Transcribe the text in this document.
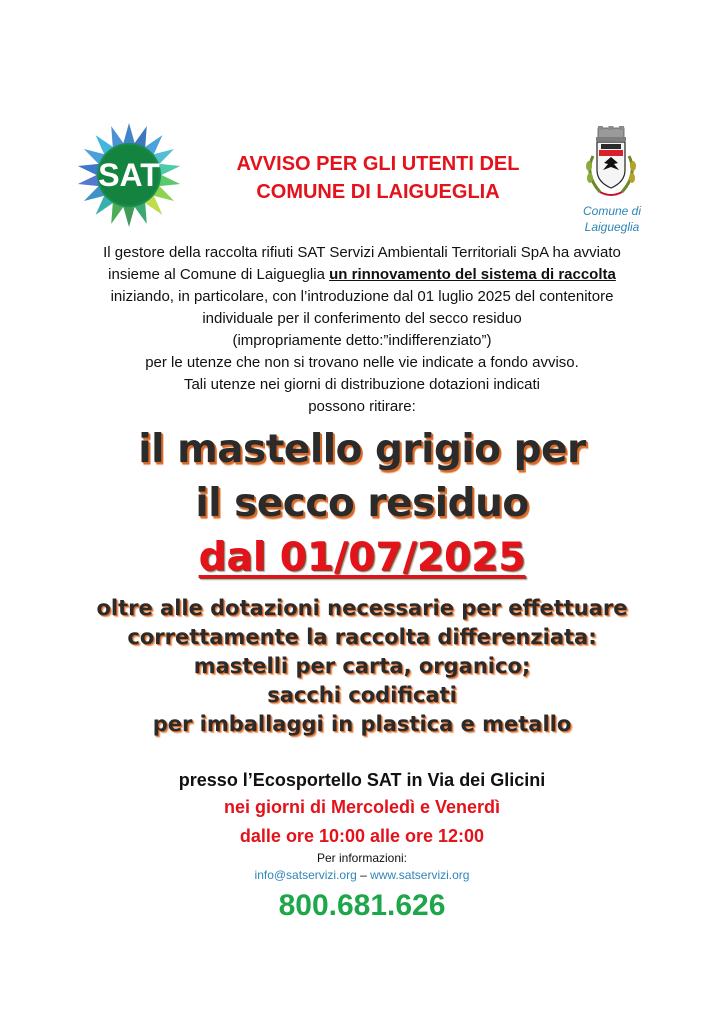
SAT	AVVISO PER GLI UTENTI DEL
COMUNE DI LAIGUEGLIA
Comune di
Laigueglia

Il gestore della raccolta rifiuti SAT Servizi Ambientali Territoriali SpA ha avviato

insieme al Comune di Laigueglia un rinnovamento del sistema di raccolta

iniziando, in particolare, con l’introduzione dal 01 luglio 2025 del contenitore

individuale per il conferimento del secco residuo

(impropriamente detto:”indifferenziato”)

per le utenze che non si trovano nelle vie indicate a fondo avviso.

Tali utenze nei giorni di distribuzione dotazioni indicati

possono ritirare:

il mastello grigio per
il secco residuo
dal 01/07/2025
oltre alle dotazioni necessarie per effettuare
correttamente la raccolta differenziata:
mastelli per carta, organico;
sacchi codificati
per imballaggi in plastica e metallo
presso l’Ecosportello SAT in Via dei Glicini
nei giorni di Mercoledì e Venerdì
dalle ore 10:00 alle ore 12:00
Per informazioni:
info@satservizi.org – www.satservizi.org
800.681.626
